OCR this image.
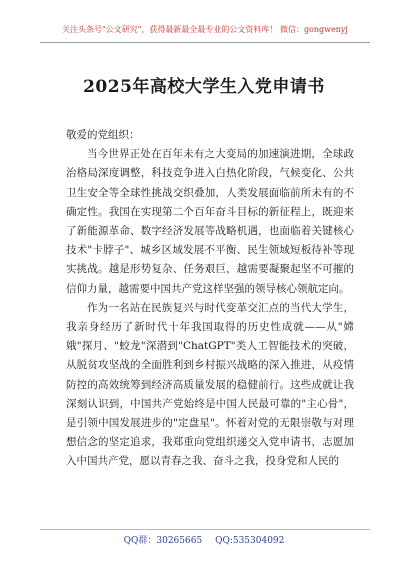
关注头条号"公文研究"，获得最新最全最专业的公文资料库！ 微信：gongwenyj
2025年高校大学生入党申请书

敬爱的党组织：

当今世界正处在百年未有之大变局的加速演进期，全球政治格局深度调整，科技竞争进入白热化阶段，气候变化、公共卫生安全等全球性挑战交织叠加，人类发展面临前所未有的不确定性。我国在实现第二个百年奋斗目标的新征程上，既迎来了新能源革命、数字经济发展等战略机遇，也面临着关键核心技术"卡脖子"、城乡区域发展不平衡、民生领域短板待补等现实挑战。越是形势复杂、任务艰巨，越需要凝聚起坚不可摧的信仰力量，越需要中国共产党这样坚强的领导核心领航定向。

作为一名站在民族复兴与时代变革交汇点的当代大学生，我亲身经历了新时代十年我国取得的历史性成就——从"嫦娥"探月、"蛟龙"深潜到"ChatGPT"类人工智能技术的突破，从脱贫攻坚战的全面胜利到乡村振兴战略的深入推进，从疫情防控的高效统筹到经济高质量发展的稳健前行。这些成就让我深刻认识到，中国共产党始终是中国人民最可靠的"主心骨"，是引领中国发展进步的"定盘星"。怀着对党的无限崇敬与对理想信念的坚定追求，我郑重向党组织递交入党申请书，志愿加入中国共产党，愿以青春之我、奋斗之我，投身党和人民的

QQ群：30265665 QQ:535304092
